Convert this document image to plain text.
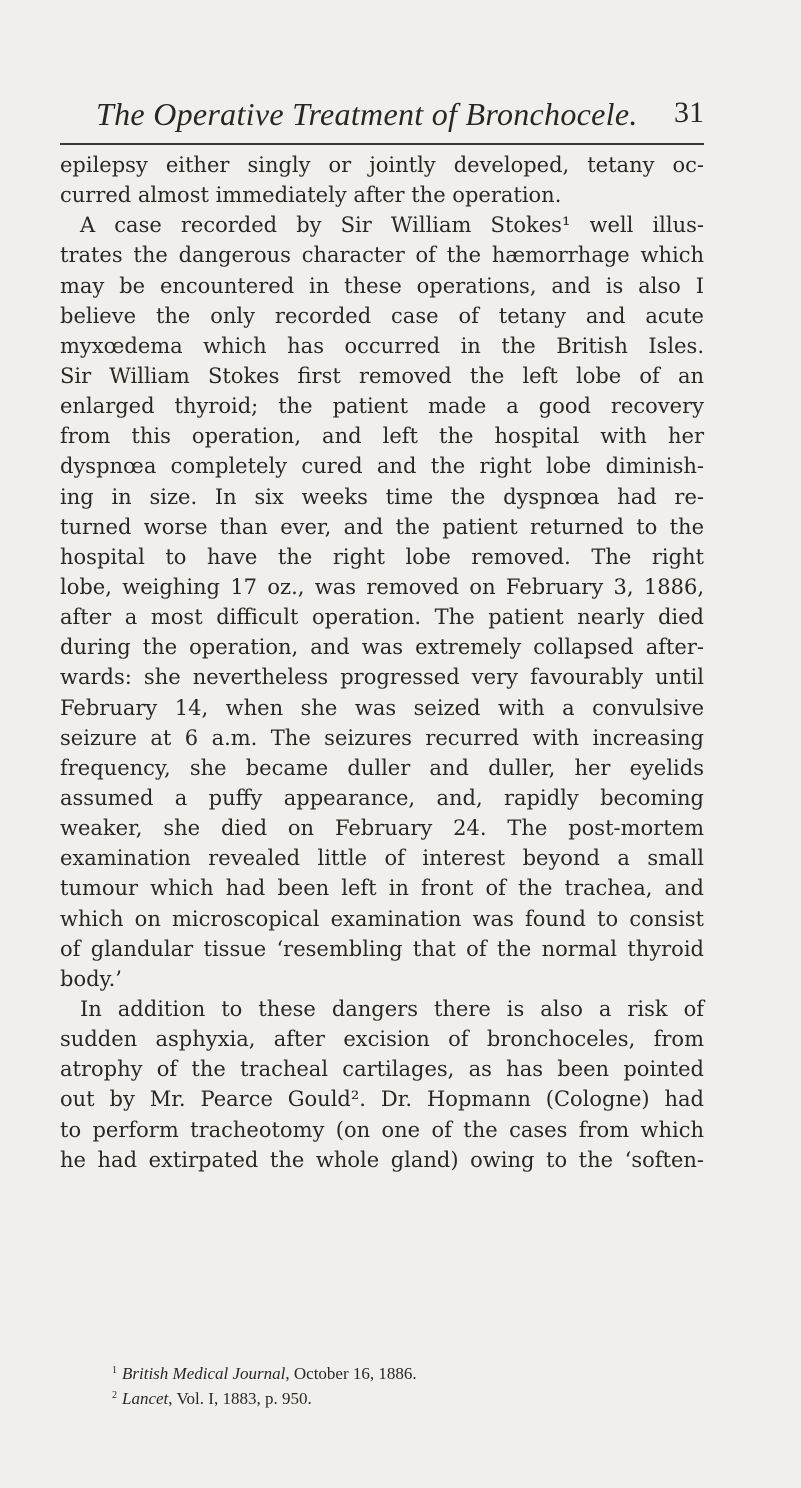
The Operative Treatment of Bronchocele. 31
epilepsy either singly or jointly developed, tetany oc-
curred almost immediately after the operation.
A case recorded by Sir William Stokes¹ well illus-
trates the dangerous character of the hæmorrhage which
may be encountered in these operations, and is also I
believe the only recorded case of tetany and acute
myxœdema which has occurred in the British Isles.
Sir William Stokes first removed the left lobe of an
enlarged thyroid; the patient made a good recovery
from this operation, and left the hospital with her
dyspnœa completely cured and the right lobe diminish-
ing in size. In six weeks time the dyspnœa had re-
turned worse than ever, and the patient returned to the
hospital to have the right lobe removed. The right
lobe, weighing 17 oz., was removed on February 3, 1886,
after a most difficult operation. The patient nearly died
during the operation, and was extremely collapsed after-
wards: she nevertheless progressed very favourably until
February 14, when she was seized with a convulsive
seizure at 6 a.m. The seizures recurred with increasing
frequency, she became duller and duller, her eyelids
assumed a puffy appearance, and, rapidly becoming
weaker, she died on February 24. The post-mortem
examination revealed little of interest beyond a small
tumour which had been left in front of the trachea, and
which on microscopical examination was found to consist
of glandular tissue ‘resembling that of the normal thyroid
body.’
In addition to these dangers there is also a risk of
sudden asphyxia, after excision of bronchoceles, from
atrophy of the tracheal cartilages, as has been pointed
out by Mr. Pearce Gould². Dr. Hopmann (Cologne) had
to perform tracheotomy (on one of the cases from which
he had extirpated the whole gland) owing to the ‘soften-
$^1$ British Medical Journal, October 16, 1886.
$^2$ Lancet, Vol. I, 1883, p. 950.
